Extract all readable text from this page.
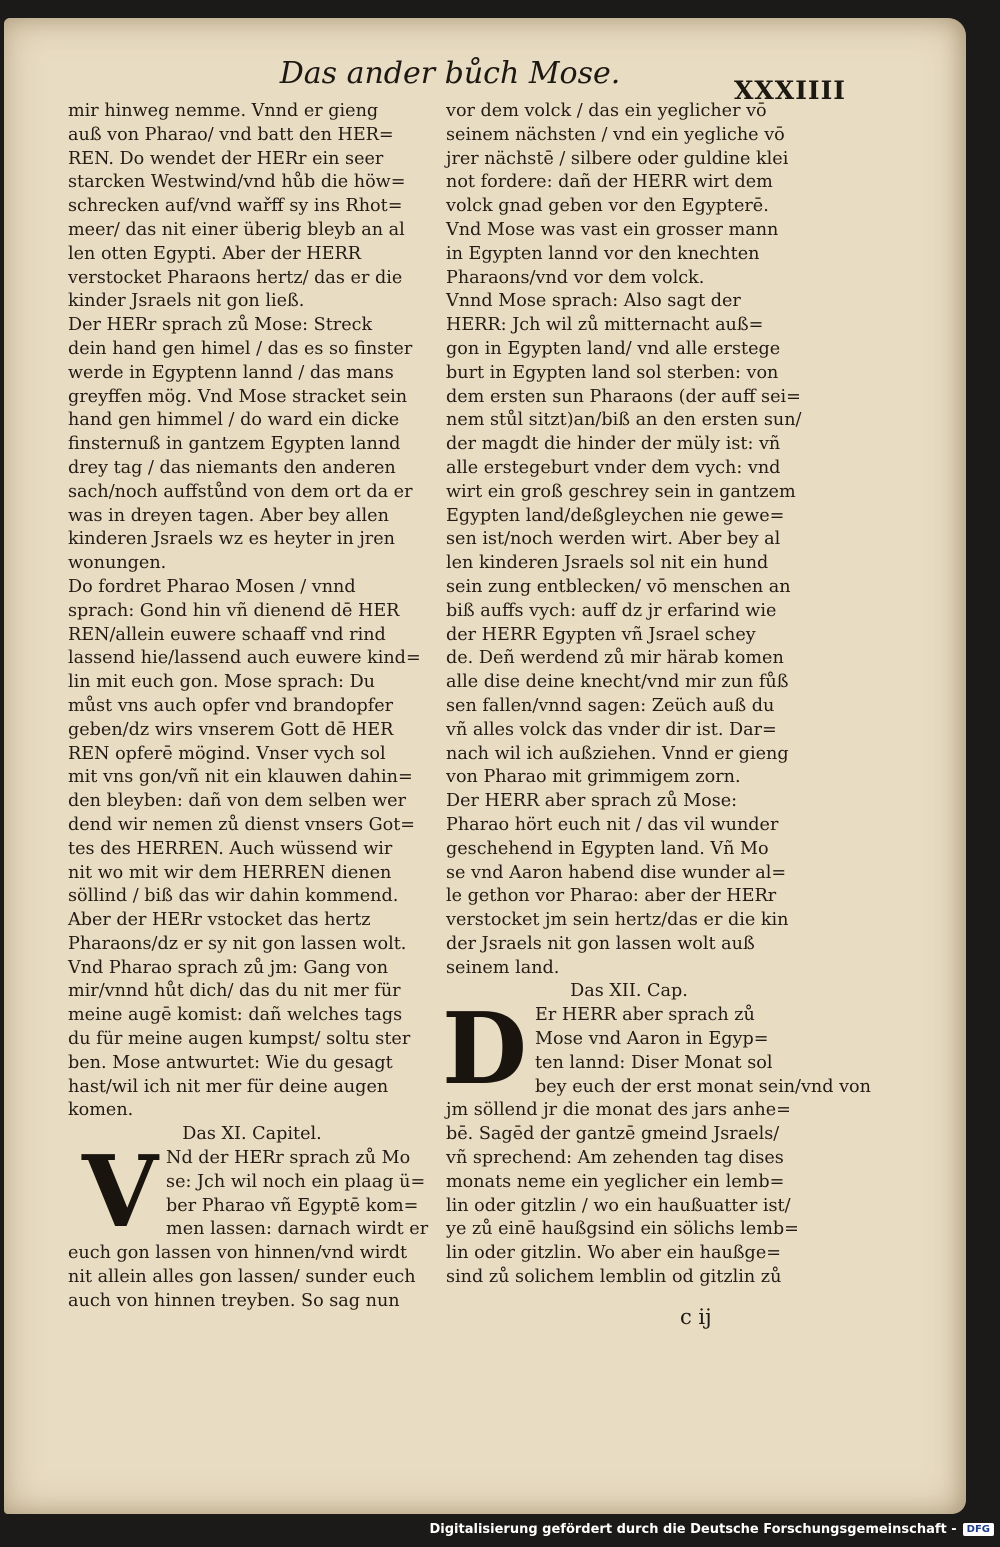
Das ander bůch Mose.	XXXIIII
mir hinweg nemme. Vnnd er gieng
auß von Pharao/ vnd batt den HER=
REN. Do wendet der HERr ein seer
starcken Westwind/vnd hůb die höw=
schrecken auf/vnd wařff sy ins Rhot=
meer/ das nit einer überig bleyb an al
len otten Egypti. Aber der HERR
verstocket Pharaons hertz/ das er die
kinder Jsraels nit gon ließ.
Der HERr sprach zů Mose: Streck
dein hand gen himel / das es so finster
werde in Egyptenn lannd / das mans
greyffen mög. Vnd Mose stracket sein
hand gen himmel / do ward ein dicke
finsternuß in gantzem Egypten lannd
drey tag / das niemants den anderen
sach/noch auffstůnd von dem ort da er
was in dreyen tagen. Aber bey allen
kinderen Jsraels wz es heyter in jren
wonungen.
Do fordret Pharao Mosen / vnnd
sprach: Gond hin vñ dienend dē HER
REN/allein euwere schaaff vnd rind
lassend hie/lassend auch euwere kind=
lin mit euch gon. Mose sprach: Du
můst vns auch opfer vnd brandopfer
geben/dz wirs vnserem Gott dē HER
REN opferē mögind. Vnser vych sol
mit vns gon/vñ nit ein klauwen dahin=
den bleyben: dañ von dem selben wer
dend wir nemen zů dienst vnsers Got=
tes des HERREN. Auch wüssend wir
nit wo mit wir dem HERREN dienen
söllind / biß das wir dahin kommend.
Aber der HERr vstocket das hertz
Pharaons/dz er sy nit gon lassen wolt.
Vnd Pharao sprach zů jm: Gang von
mir/vnnd hůt dich/ das du nit mer für
meine augē komist: dañ welches tags
du für meine augen kumpst/ soltu ster
ben. Mose antwurtet: Wie du gesagt
hast/wil ich nit mer für deine augen
komen.
Das XI. Capitel.
V Nd der HERr sprach zů Mo
se: Jch wil noch ein plaag ü=
ber Pharao vñ Egyptē kom=
men lassen: darnach wirdt er
euch gon lassen von hinnen/vnd wirdt
nit allein alles gon lassen/ sunder euch
auch von hinnen treyben. So sag nun
vor dem volck / das ein yeglicher vō
seinem nächsten / vnd ein yegliche vō
jrer nächstē / silbere oder guldine klei
not fordere: dañ der HERR wirt dem
volck gnad geben vor den Egypterē.
Vnd Mose was vast ein grosser mann
in Egypten lannd vor den knechten
Pharaons/vnd vor dem volck.
Vnnd Mose sprach: Also sagt der
HERR: Jch wil zů mitternacht auß=
gon in Egypten land/ vnd alle erstege
burt in Egypten land sol sterben: von
dem ersten sun Pharaons (der auff sei=
nem stůl sitzt)an/biß an den ersten sun/
der magdt die hinder der müly ist: vñ
alle erstegeburt vnder dem vych: vnd
wirt ein groß geschrey sein in gantzem
Egypten land/deßgleychen nie gewe=
sen ist/noch werden wirt. Aber bey al
len kinderen Jsraels sol nit ein hund
sein zung entblecken/ vō menschen an
biß auffs vych: auff dz jr erfarind wie
der HERR Egypten vñ Jsrael schey
de. Deñ werdend zů mir härab komen
alle dise deine knecht/vnd mir zun fůß
sen fallen/vnnd sagen: Zeüch auß du
vñ alles volck das vnder dir ist. Dar=
nach wil ich außziehen. Vnnd er gieng
von Pharao mit grimmigem zorn.
Der HERR aber sprach zů Mose:
Pharao hört euch nit / das vil wunder
geschehend in Egypten land. Vñ Mo
se vnd Aaron habend dise wunder al=
le gethon vor Pharao: aber der HERr
verstocket jm sein hertz/das er die kin
der Jsraels nit gon lassen wolt auß
seinem land.
Das XII. Cap.
D Er HERR aber sprach zů
Mose vnd Aaron in Egyp=
ten lannd: Diser Monat sol
bey euch der erst monat sein/vnd von
jm söllend jr die monat des jars anhe=
bē. Sagēd der gantzē gmeind Jsraels/
vñ sprechend: Am zehenden tag dises
monats neme ein yeglicher ein lemb=
lin oder gitzlin / wo ein haußuatter ist/
ye zů einē haußgsind ein sölichs lemb=
lin oder gitzlin. Wo aber ein haußge=
sind zů solichem lemblin od gitzlin zů
c ij
Digitalisierung gefördert durch die Deutsche Forschungsgemeinschaft -	DFG
